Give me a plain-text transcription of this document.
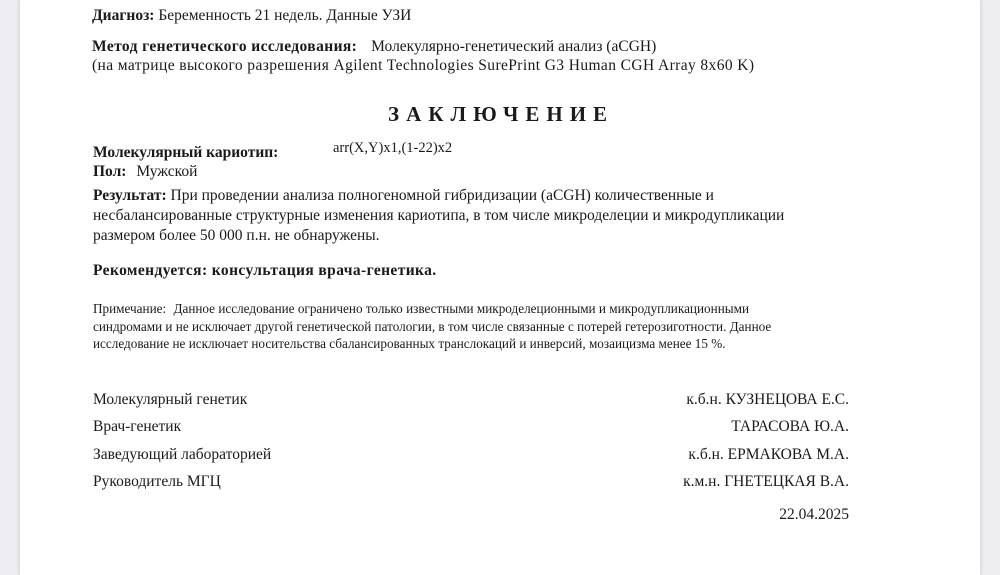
Диагноз: Беременность 21 недель. Данные УЗИ
Метод генетического исследования: Молекулярно-генетический анализ (aCGH)
(на матрице высокого разрешения Agilent Technologies SurePrint G3 Human CGH Array 8x60 K)
ЗАКЛЮЧЕНИЕ
Молекулярный кариотип:	arr(X,Y)x1,(1-22)x2
Пол: Мужской
Результат: При проведении анализа полногеномной гибридизации (aCGH) количественные и
несбалансированные структурные изменения кариотипа, в том числе микроделеции и микродупликации
размером более 50 000 п.н. не обнаружены.
Рекомендуется: консультация врача-генетика.
Примечание: Данное исследование ограничено только известными микроделеционными и микродупликационными
синдромами и не исключает другой генетической патологии, в том числе связанные с потерей гетерозиготности. Данное
исследование не исключает носительства сбалансированных транслокаций и инверсий, мозаицизма менее 15 %.
Молекулярный генетик
Врач-генетик
Заведующий лабораторией
Руководитель МГЦ
к.б.н. КУЗНЕЦОВА Е.С.
ТАРАСОВА Ю.А.
к.б.н. ЕРМАКОВА М.А.
к.м.н. ГНЕТЕЦКАЯ В.А.
22.04.2025
